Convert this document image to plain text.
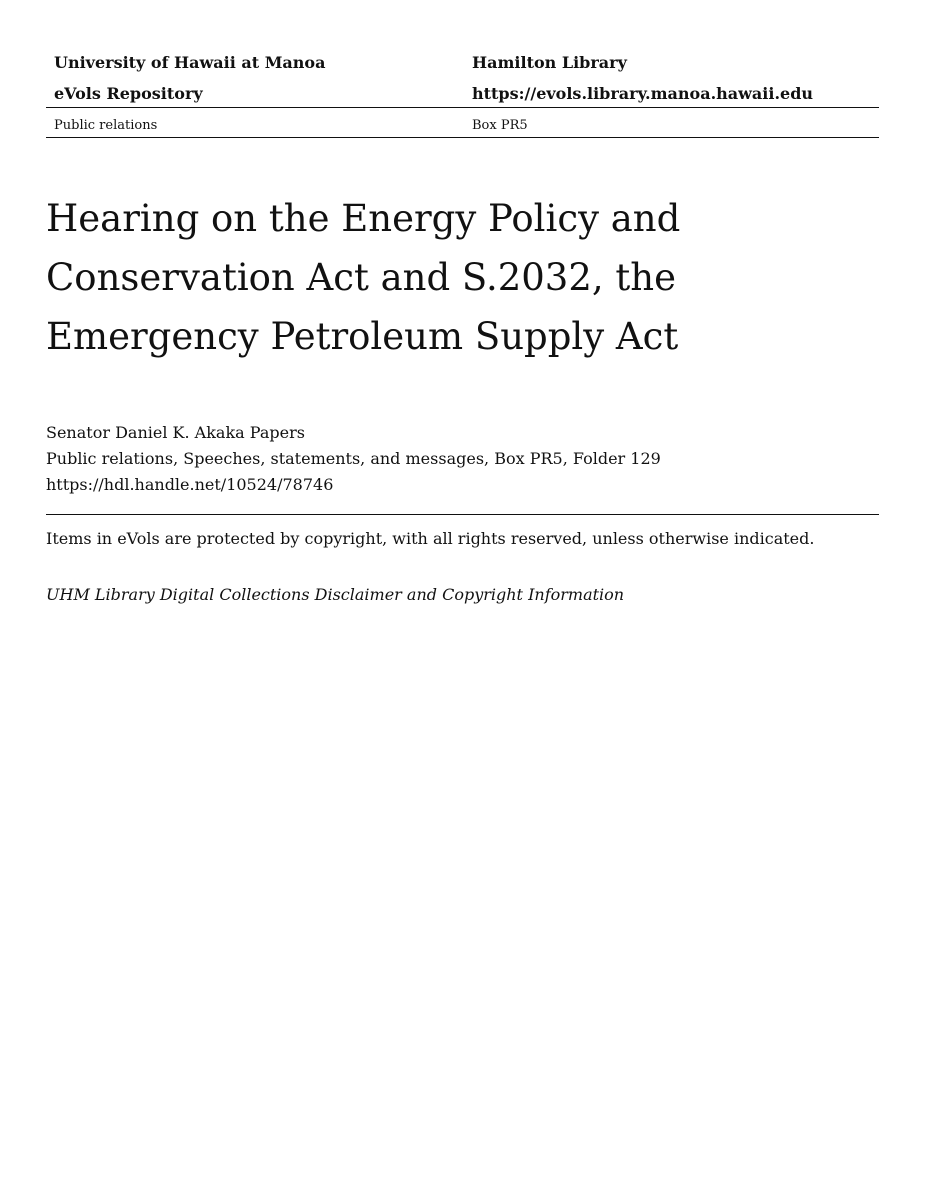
University of Hawaii at Manoa	Hamilton Library
eVols Repository	https://evols.library.manoa.hawaii.edu
Public relations	Box PR5
Hearing on the Energy Policy and
Conservation Act and S.2032, the
Emergency Petroleum Supply Act
Senator Daniel K. Akaka Papers
Public relations, Speeches, statements, and messages, Box PR5, Folder 129
https://hdl.handle.net/10524/78746
Items in eVols are protected by copyright, with all rights reserved, unless otherwise indicated.
UHM Library Digital Collections Disclaimer and Copyright Information
